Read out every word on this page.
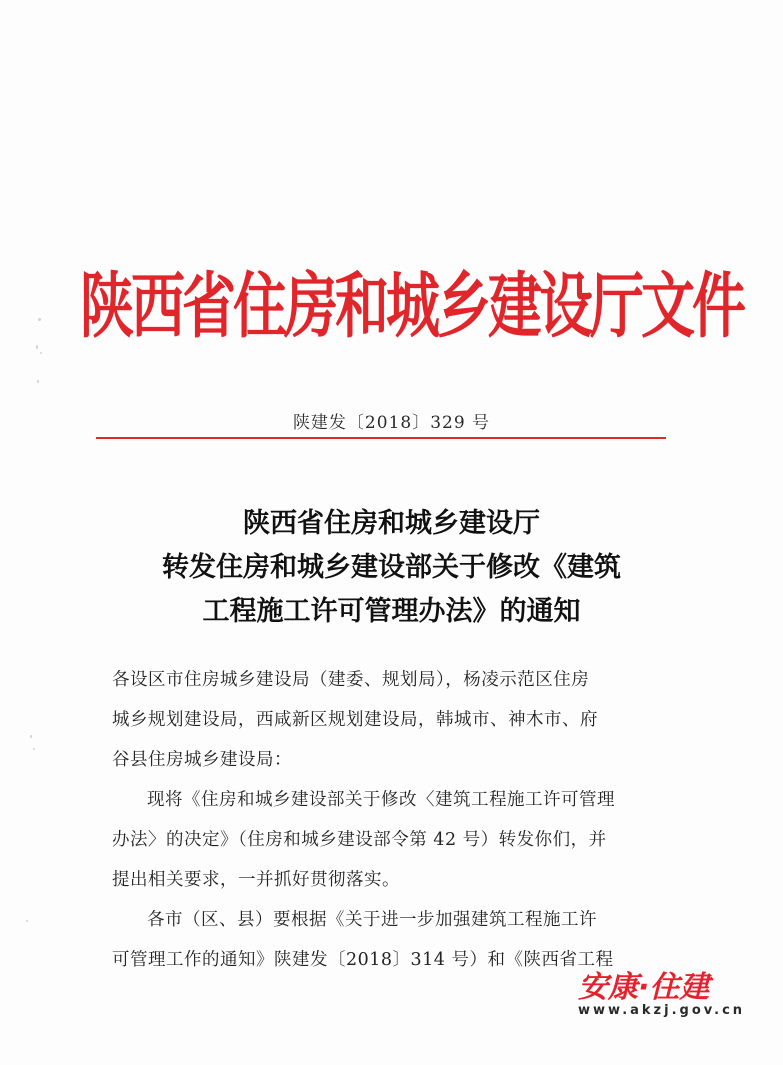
陕西省住房和城乡建设厅文件
陕建发〔2018〕329 号
陕西省住房和城乡建设厅
转发住房和城乡建设部关于修改《建筑
工程施工许可管理办法》的通知
各设区市住房城乡建设局（建委、规划局），杨凌示范区住房
城乡规划建设局，西咸新区规划建设局，韩城市、神木市、府
谷县住房城乡建设局：
现将《住房和城乡建设部关于修改〈建筑工程施工许可管理
办法〉的决定》（住房和城乡建设部令第 42 号）转发你们，并
提出相关要求，一并抓好贯彻落实。
各市（区、县）要根据《关于进一步加强建筑工程施工许
可管理工作的通知》陕建发〔2018〕314 号）和《陕西省工程
安康·住建
www.akzj.gov.cn
